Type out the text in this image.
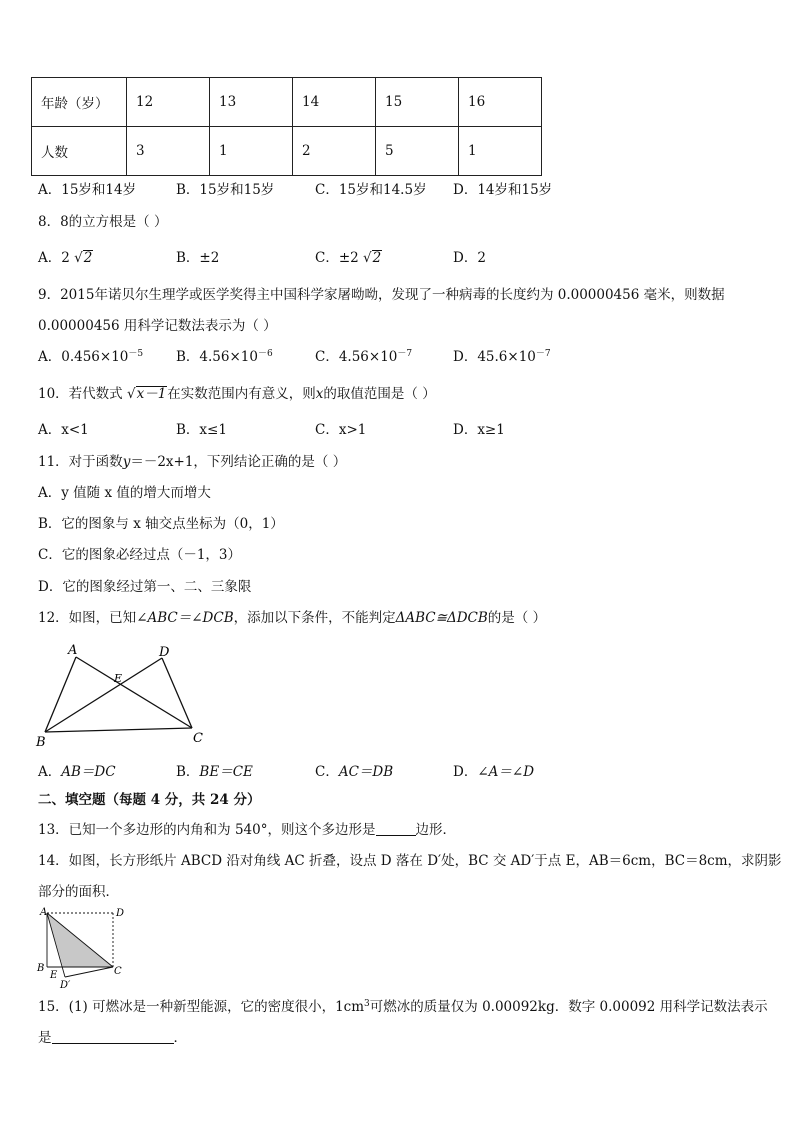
年龄（岁）	12	13	14	15	16
人数	3	1	2	5	1
A．15岁和14岁	B．15岁和15岁	C．15岁和14.5岁 D．14岁和15岁
8．8的立方根是（ ）
A．2 √2	B．±2	C．±2 √2	D．2
9．2015年诺贝尔生理学或医学奖得主中国科学家屠呦呦，发现了一种病毒的长度约为 0.00000456 毫米，则数据
0.00000456 用科学记数法表示为（ ）
A．$0.456\times 10^{-5}$ B．$4.56\times 10^{-6}$	C．$4.56\times 10^{-7}$	D．$45.6\times 10^{-7}$
10．若代数式 √x－1在实数范围内有意义，则x的取值范围是（ ）
A．x<1	B．x≤1	C．x>1	D．x≥1
11．对于函数y＝－2x+1，下列结论正确的是（ ）
A．y 值随 x 值的增大而增大
B．它的图象与 x 轴交点坐标为（0，1）
C．它的图象必经过点（－1，3）
D．它的图象经过第一、二、三象限
12．如图，已知∠ABC＝∠DCB，添加以下条件，不能判定ΔABC≅ΔDCB的是（ ）
A	D
E
B	C
A．AB＝DC	B．BE＝CE	C．AC＝DB	D．∠A＝∠D
二、填空题（每题 4 分，共 24 分）
13．已知一个多边形的内角和为 540°，则这个多边形是	边形．
14．如图，长方形纸片 ABCD 沿对角线 AC 折叠，设点 D 落在 D′处，BC 交 AD′于点 E，AB＝6cm，BC＝8cm，求阴影
部分的面积．
A	D
B
E	C
D′
15．(1) 可燃冰是一种新型能源，它的密度很小，$1cm^3$可燃冰的质量仅为 0.00092kg．数字 0.00092 用科学记数法表示
是	．
